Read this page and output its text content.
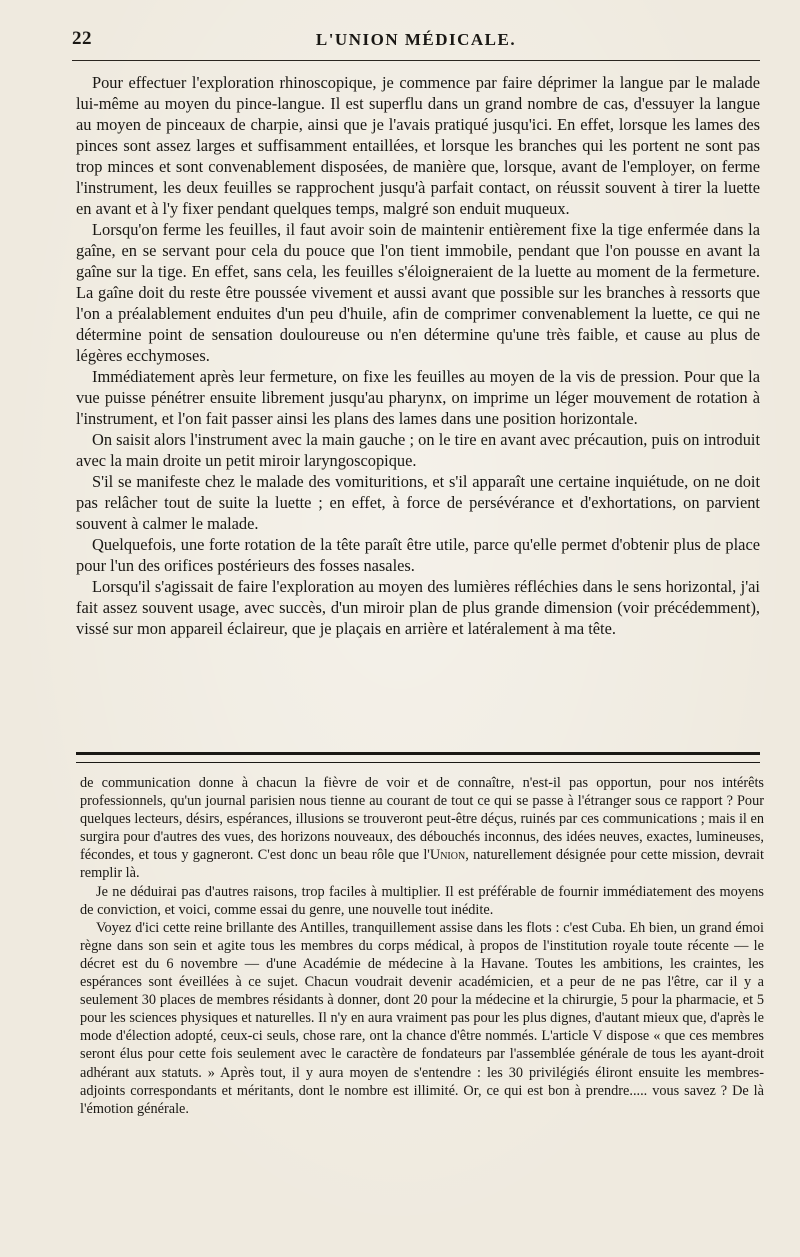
22	L'UNION MÉDICALE.

Pour effectuer l'exploration rhinoscopique, je commence par faire déprimer la langue par le malade lui-même au moyen du pince-langue. Il est superflu dans un grand nombre de cas, d'essuyer la langue au moyen de pinceaux de charpie, ainsi que je l'avais pratiqué jusqu'ici. En effet, lorsque les lames des pinces sont assez larges et suffisamment entaillées, et lorsque les branches qui les portent ne sont pas trop minces et sont convenablement disposées, de manière que, lorsque, avant de l'employer, on ferme l'instrument, les deux feuilles se rapprochent jusqu'à parfait contact, on réussit souvent à tirer la luette en avant et à l'y fixer pendant quelques temps, malgré son enduit muqueux.

Lorsqu'on ferme les feuilles, il faut avoir soin de maintenir entièrement fixe la tige enfermée dans la gaîne, en se servant pour cela du pouce que l'on tient immobile, pendant que l'on pousse en avant la gaîne sur la tige. En effet, sans cela, les feuilles s'éloigneraient de la luette au moment de la fermeture. La gaîne doit du reste être poussée vivement et aussi avant que possible sur les branches à ressorts que l'on a préalablement enduites d'un peu d'huile, afin de comprimer convenablement la luette, ce qui ne détermine point de sensation douloureuse ou n'en détermine qu'une très faible, et cause au plus de légères ecchymoses.

Immédiatement après leur fermeture, on fixe les feuilles au moyen de la vis de pression. Pour que la vue puisse pénétrer ensuite librement jusqu'au pharynx, on imprime un léger mouvement de rotation à l'instrument, et l'on fait passer ainsi les plans des lames dans une position horizontale.

On saisit alors l'instrument avec la main gauche ; on le tire en avant avec précaution, puis on introduit avec la main droite un petit miroir laryngoscopique.

S'il se manifeste chez le malade des vomituritions, et s'il apparaît une certaine inquiétude, on ne doit pas relâcher tout de suite la luette ; en effet, à force de persévérance et d'exhortations, on parvient souvent à calmer le malade.

Quelquefois, une forte rotation de la tête paraît être utile, parce qu'elle permet d'obtenir plus de place pour l'un des orifices postérieurs des fosses nasales.

Lorsqu'il s'agissait de faire l'exploration au moyen des lumières réfléchies dans le sens horizontal, j'ai fait assez souvent usage, avec succès, d'un miroir plan de plus grande dimension (voir précédemment), vissé sur mon appareil éclaireur, que je plaçais en arrière et latéralement à ma tête.

de communication donne à chacun la fièvre de voir et de connaître, n'est-il pas opportun, pour nos intérêts professionnels, qu'un journal parisien nous tienne au courant de tout ce qui se passe à l'étranger sous ce rapport ? Pour quelques lecteurs, désirs, espérances, illusions se trouveront peut-être déçus, ruinés par ces communications ; mais il en surgira pour d'autres des vues, des horizons nouveaux, des débouchés inconnus, des idées neuves, exactes, lumineuses, fécondes, et tous y gagneront. C'est donc un beau rôle que l'Union, naturellement désignée pour cette mission, devrait remplir là.

Je ne déduirai pas d'autres raisons, trop faciles à multiplier. Il est préférable de fournir immédiatement des moyens de conviction, et voici, comme essai du genre, une nouvelle tout inédite.

Voyez d'ici cette reine brillante des Antilles, tranquillement assise dans les flots : c'est Cuba. Eh bien, un grand émoi règne dans son sein et agite tous les membres du corps médical, à propos de l'institution royale toute récente — le décret est du 6 novembre — d'une Académie de médecine à la Havane. Toutes les ambitions, les craintes, les espérances sont éveillées à ce sujet. Chacun voudrait devenir académicien, et a peur de ne pas l'être, car il y a seulement 30 places de membres résidants à donner, dont 20 pour la médecine et la chirurgie, 5 pour la pharmacie, et 5 pour les sciences physiques et naturelles. Il n'y en aura vraiment pas pour les plus dignes, d'autant mieux que, d'après le mode d'élection adopté, ceux-ci seuls, chose rare, ont la chance d'être nommés. L'article V dispose « que ces membres seront élus pour cette fois seulement avec le caractère de fondateurs par l'assemblée générale de tous les ayant-droit adhérant aux statuts. » Après tout, il y aura moyen de s'entendre : les 30 privilégiés éliront ensuite les membres-adjoints correspondants et méritants, dont le nombre est illimité. Or, ce qui est bon à prendre..... vous savez ? De là l'émotion générale.
